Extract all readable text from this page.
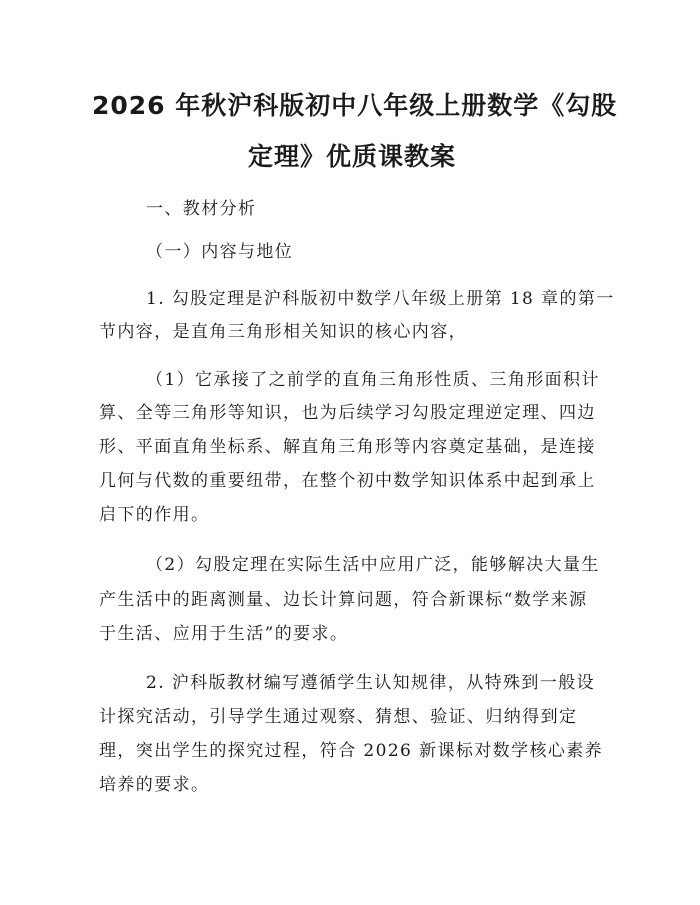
2026 年秋沪科版初中八年级上册数学《勾股
定理》优质课教案
一、教材分析
（一）内容与地位
1. 勾股定理是沪科版初中数学八年级上册第 18 章的第一
节内容，是直角三角形相关知识的核心内容，
（1）它承接了之前学的直角三角形性质、三角形面积计
算、全等三角形等知识，也为后续学习勾股定理逆定理、四边
形、平面直角坐标系、解直角三角形等内容奠定基础，是连接
几何与代数的重要纽带，在整个初中数学知识体系中起到承上
启下的作用。
（2）勾股定理在实际生活中应用广泛，能够解决大量生
产生活中的距离测量、边长计算问题，符合新课标“数学来源
于生活、应用于生活”的要求。
2. 沪科版教材编写遵循学生认知规律，从特殊到一般设
计探究活动，引导学生通过观察、猜想、验证、归纳得到定
理，突出学生的探究过程，符合 2026 新课标对数学核心素养
培养的要求。
